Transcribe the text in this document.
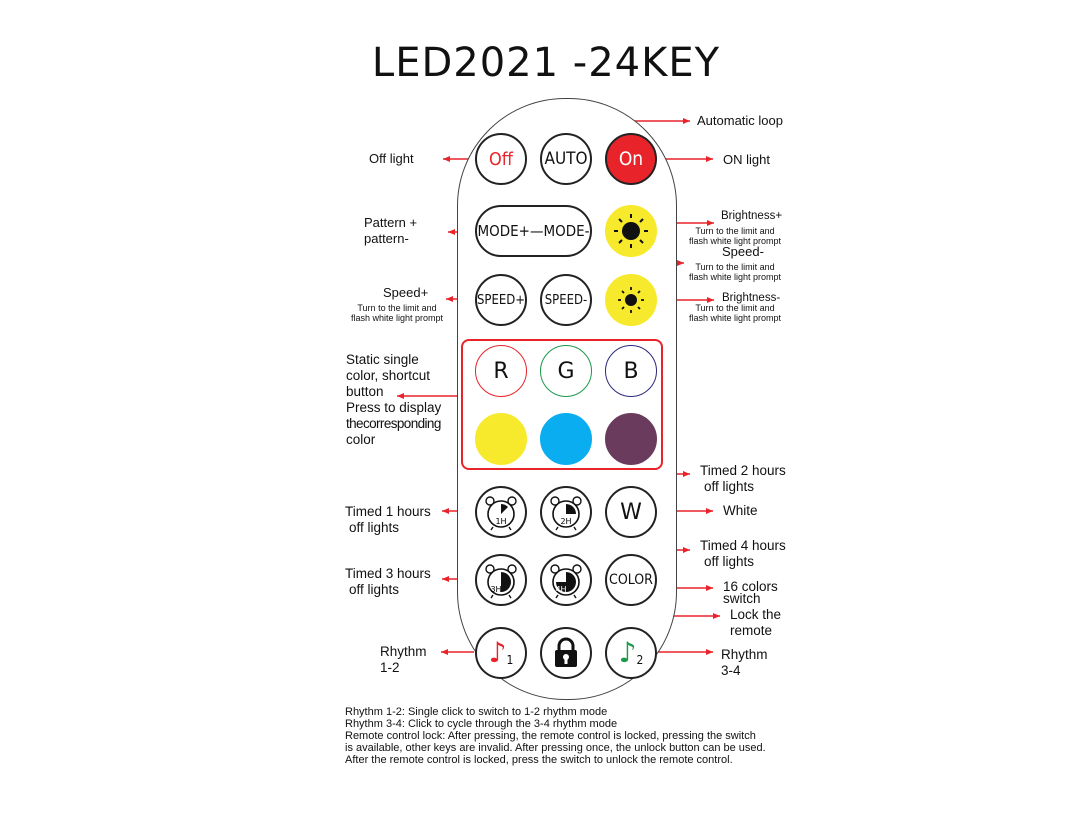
LED2021 -24KEY
Off AUTO On
MODE+—MODE-
SPEED+ SPEED-
R G B
1H	2H W
3H	4H
COLOR
♪ 1	♪ 2
Automatic loop
Off light	ON light
Pattern +
pattern-
Brightness+
Turn to the limit and
flash white light prompt
Speed-
Turn to the limit and
flash white light prompt
Speed+
Turn to the limit and
flash white light prompt
Brightness-
Turn to the limit and
flash white light prompt
Static single
color, shortcut
button
Press to display
thecorresponding
color
Timed 2 hours
off lights
Timed 1 hours
off lights
White
Timed 4 hours
off lights
Timed 3 hours
off lights	16 colors
switch
Lock the
remote
Rhythm
1-2
Rhythm
3-4
Rhythm 1-2: Single click to switch to 1-2 rhythm mode
Rhythm 3-4: Click to cycle through the 3-4 rhythm mode
Remote control lock: After pressing, the remote control is locked, pressing the switch
is available, other keys are invalid. After pressing once, the unlock button can be used.
After the remote control is locked, press the switch to unlock the remote control.
